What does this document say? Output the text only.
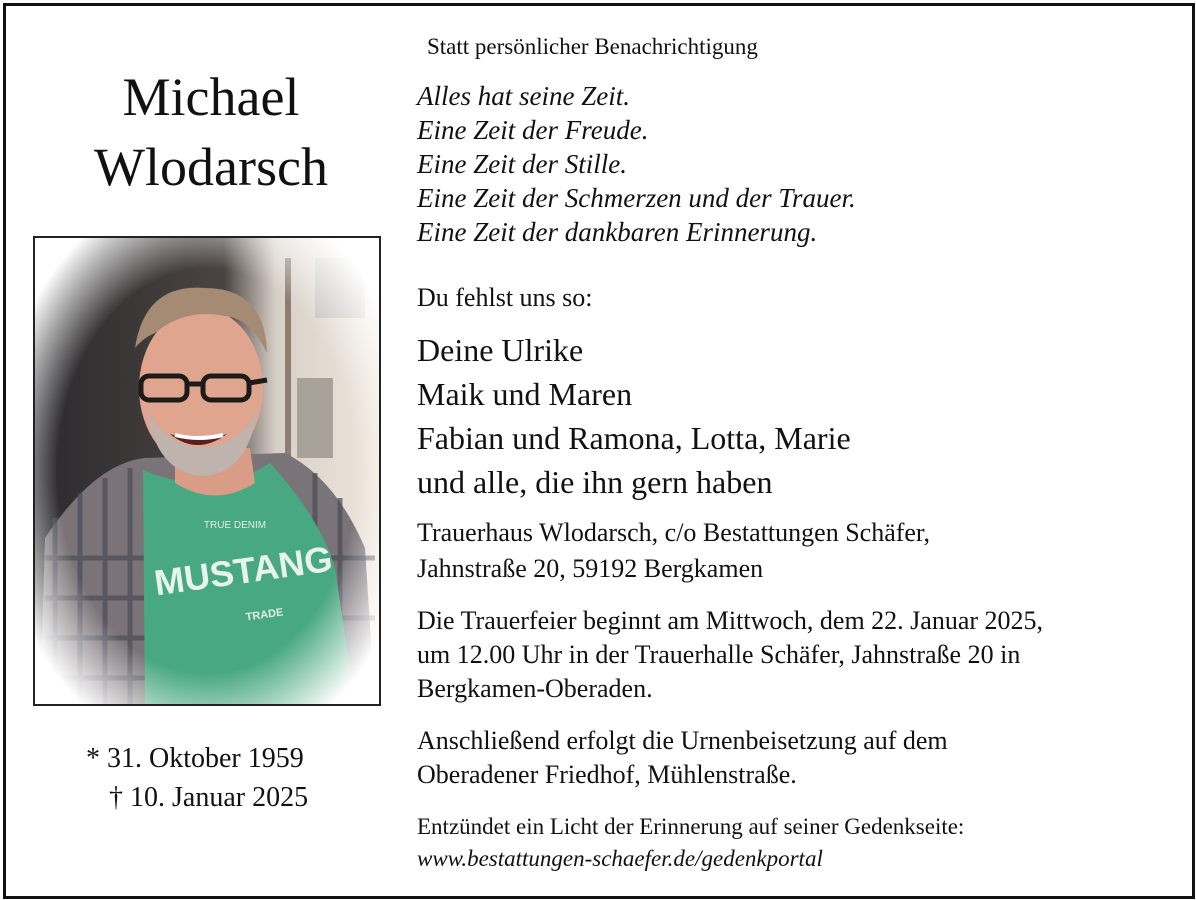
Michael
Wlodarsch
* 31. Oktober 1959
† 10. Januar 2025
Statt persönlicher Benachrichtigung
Alles hat seine Zeit.
Eine Zeit der Freude.
Eine Zeit der Stille.
Eine Zeit der Schmerzen und der Trauer.
Eine Zeit der dankbaren Erinnerung.
Du fehlst uns so:
Deine Ulrike
Maik und Maren
Fabian und Ramona, Lotta, Marie
und alle, die ihn gern haben
Trauerhaus Wlodarsch, c/o Bestattungen Schäfer,
Jahnstraße 20, 59192 Bergkamen
Die Trauerfeier beginnt am Mittwoch, dem 22. Januar 2025,
um 12.00 Uhr in der Trauerhalle Schäfer, Jahnstraße 20 in
Bergkamen-Oberaden.
Anschließend erfolgt die Urnenbeisetzung auf dem
Oberadener Friedhof, Mühlenstraße.
Entzündet ein Licht der Erinnerung auf seiner Gedenkseite:
www.bestattungen-schaefer.de/gedenkportal
